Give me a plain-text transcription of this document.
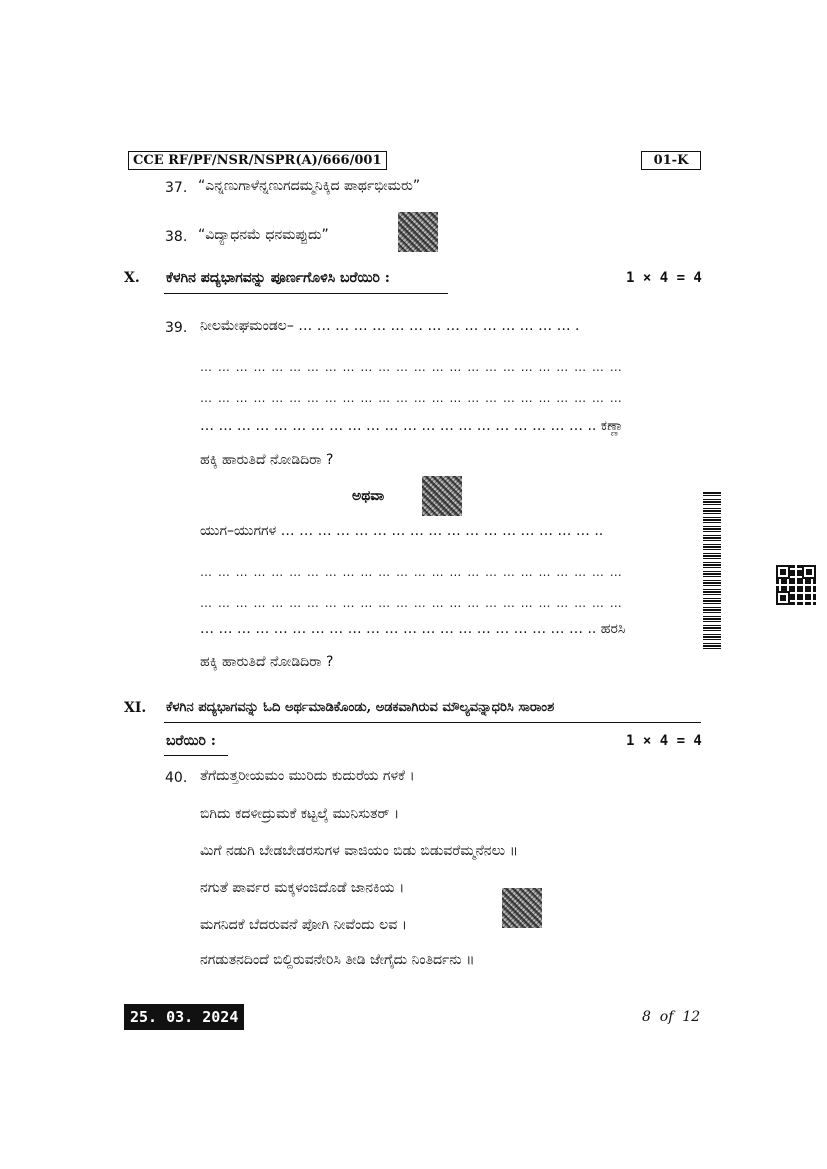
CCE RF/PF/NSR/NSPR(A)/666/001	01-K
37. “ಎನ್ನಣುಗಾಳೆನ್ನಣುಗದಮ್ಮನಿಕ್ಕಿದ ಪಾರ್ಥಭೀಮರು”
38. “ವಿದ್ಯಾಧನಮೆ ಧನಮಪ್ಪುದು”
X. ಕೆಳಗಿನ ಪದ್ಯಭಾಗವನ್ನು ಪೂರ್ಣಗೊಳಿಸಿ ಬರೆಯಿರಿ :	1 × 4 = 4
39. ನೀಲಮೇಘಮಂಡಲ– … … … … … … … … … … … … … … … .
… … … … … … … … … … … … … … … … … … … … … … … …
… … … … … … … … … … … … … … … … … … … … … … … …
… … … … … … … … … … … … … … … … … … … … … .. ಕಣ್ಣಾ
ಹಕ್ಕಿ ಹಾರುತಿದೆ ನೋಡಿದಿರಾ ?
ಅಥವಾ
ಯುಗ–ಯುಗಗಳ … … … … … … … … … … … … … … … … … ..
… … … … … … … … … … … … … … … … … … … … … … … …
… … … … … … … … … … … … … … … … … … … … … … … …
… … … … … … … … … … … … … … … … … … … … … .. ಹರಸಿ
ಹಕ್ಕಿ ಹಾರುತಿದೆ ನೋಡಿದಿರಾ ?
XI. ಕೆಳಗಿನ ಪದ್ಯಭಾಗವನ್ನು ಓದಿ ಅರ್ಥಮಾಡಿಕೊಂಡು, ಅಡಕವಾಗಿರುವ ಮೌಲ್ಯವನ್ನಾಧರಿಸಿ ಸಾರಾಂಶ
ಬರೆಯಿರಿ :	1 × 4 = 4
40. ತೆಗೆದುತ್ತರೀಯಮಂ ಮುರಿದು ಕುದುರೆಯ ಗಳಕೆ ।
ಬಿಗಿದು ಕದಳೀದ್ರುಮಕೆ ಕಟ್ಟಲ್ಕೆ ಮುನಿಸುತರ್ ।
ಮಿಗೆ ನಡುಗಿ ಬೇಡಬೇಡರಸುಗಳ ವಾಜಿಯಂ ಬಿಡು ಬಿಡುವರೆಮ್ಮನೆನಲು ॥
ನಗುತೆ ಪಾರ್ವರ ಮಕ್ಕಳಂಜಿದೊಡೆ ಜಾನಕಿಯ ।
ಮಗನಿದಕೆ ಬೆದರುವನೆ ಪೋಗಿ ನೀವೆಂದು ಲವ ।
ನಗಡುತನದಿಂದೆ ಬಿಲ್ದಿರುವನೇರಿಸಿ ತೀಡಿ ಜೇಗೈದು ನಿಂತಿರ್ದನು ॥
25. 03. 2024	8  of  12
